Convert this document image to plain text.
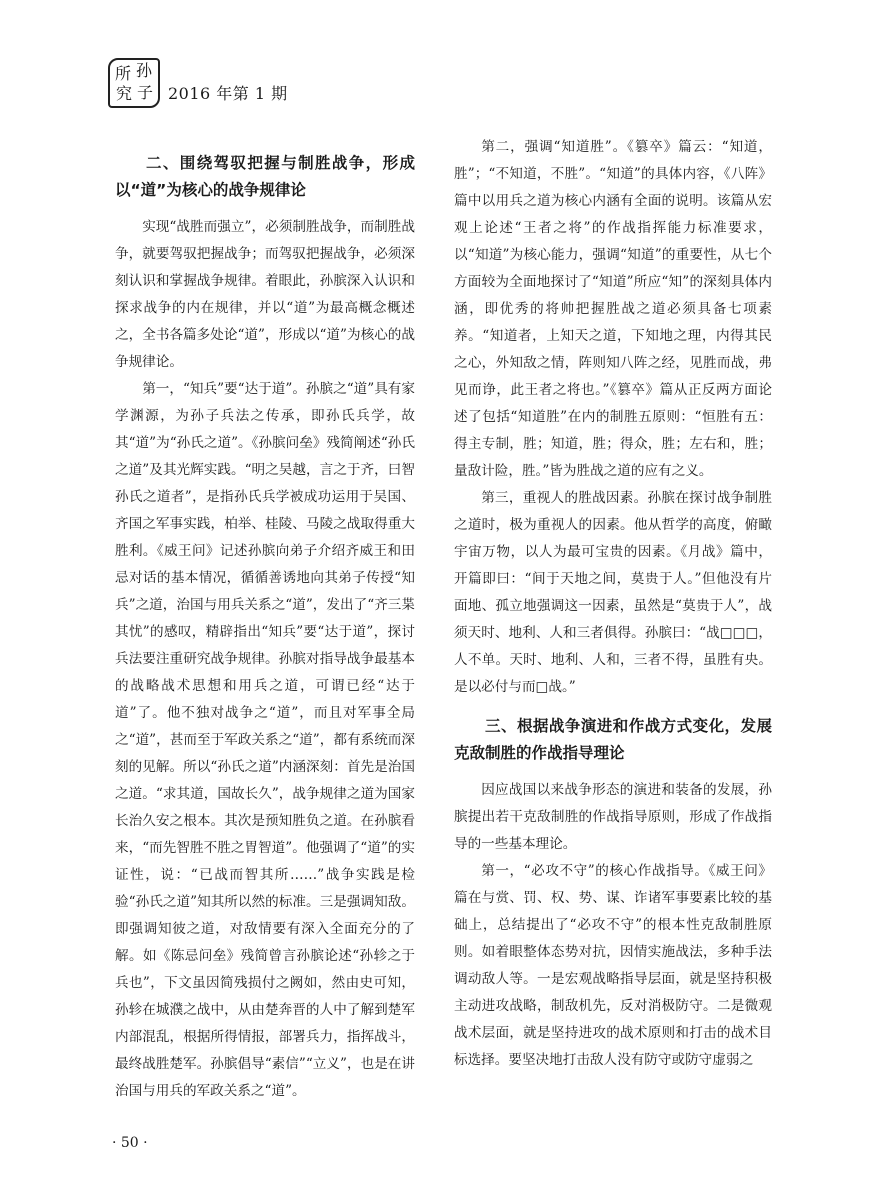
所 孙
究 子 2016 年第 1 期
二、围绕驾驭把握与制胜战争，形成以“道”为核心的战争规律论

实现“战胜而强立”，必须制胜战争，而制胜战争，就要驾驭把握战争；而驾驭把握战争，必须深刻认识和掌握战争规律。着眼此，孙膑深入认识和探求战争的内在规律，并以“道”为最高概念概述之，全书各篇多处论“道”，形成以“道”为核心的战争规律论。

第一，“知兵”要“达于道”。孙膑之“道”具有家学渊源，为孙子兵法之传承，即孙氏兵学，故其“道”为“孙氏之道”。《孙膑问垒》残简阐述“孙氏之道”及其光辉实践。“明之吴越，言之于齐，曰智孙氏之道者”，是指孙氏兵学被成功运用于吴国、齐国之军事实践，柏举、桂陵、马陵之战取得重大胜利。《威王问》记述孙膑向弟子介绍齐威王和田忌对话的基本情况，循循善诱地向其弟子传授“知兵”之道，治国与用兵关系之“道”，发出了“齐三枼其忧”的感叹，精辟指出“知兵”要“达于道”，探讨兵法要注重研究战争规律。孙膑对指导战争最基本的战略战术思想和用兵之道，可谓已经“达于道”了。他不独对战争之“道”，而且对军事全局之“道”，甚而至于军政关系之“道”，都有系统而深刻的见解。所以“孙氏之道”内涵深刻：首先是治国之道。“求其道，国故长久”，战争规律之道为国家长治久安之根本。其次是预知胜负之道。在孙膑看来，“而先智胜不胜之胃智道”。他强调了“道”的实证性，说：“已战而智其所……”战争实践是检验“孙氏之道”知其所以然的标准。三是强调知敌。即强调知彼之道，对敌情要有深入全面充分的了解。如《陈忌问垒》残简曾言孙膑论述“孙轸之于兵也”，下文虽因简残损付之阙如，然由史可知，孙轸在城濮之战中，从由楚奔晋的人中了解到楚军内部混乱，根据所得情报，部署兵力，指挥战斗，最终战胜楚军。孙膑倡导“素信”“立义”，也是在讲治国与用兵的军政关系之“道”。

第二，强调“知道胜”。《篡卒》篇云：“知道，胜”；“不知道，不胜”。“知道”的具体内容，《八阵》篇中以用兵之道为核心内涵有全面的说明。该篇从宏观上论述“王者之将”的作战指挥能力标准要求，以“知道”为核心能力，强调“知道”的重要性，从七个方面较为全面地探讨了“知道”所应“知”的深刻具体内涵，即优秀的将帅把握胜战之道必须具备七项素养。“知道者，上知天之道，下知地之理，内得其民之心，外知敌之情，阵则知八阵之经，见胜而战，弗见而诤，此王者之将也。”《篡卒》篇从正反两方面论述了包括“知道胜”在内的制胜五原则：“恒胜有五：得主专制，胜；知道，胜；得众，胜；左右和，胜；量敌计险，胜。”皆为胜战之道的应有之义。

第三，重视人的胜战因素。孙膑在探讨战争制胜之道时，极为重视人的因素。他从哲学的高度，俯瞰宇宙万物，以人为最可宝贵的因素。《月战》篇中，开篇即曰：“间于天地之间，莫贵于人。”但他没有片面地、孤立地强调这一因素，虽然是“莫贵于人”，战须天时、地利、人和三者俱得。孙膑曰：“战□□□，人不单。天时、地利、人和，三者不得，虽胜有央。是以必付与而□战。”

三、根据战争演进和作战方式变化，发展克敌制胜的作战指导理论

因应战国以来战争形态的演进和装备的发展，孙膑提出若干克敌制胜的作战指导原则，形成了作战指导的一些基本理论。

第一，“必攻不守”的核心作战指导。《威王问》篇在与赏、罚、权、势、谋、诈诸军事要素比较的基础上，总结提出了“必攻不守”的根本性克敌制胜原则。如着眼整体态势对抗，因情实施战法，多种手法调动敌人等。一是宏观战略指导层面，就是坚持积极主动进攻战略，制敌机先，反对消极防守。二是微观战术层面，就是坚持进攻的战术原则和打击的战术目标选择。要坚决地打击敌人没有防守或防守虚弱之

· 50 ·
